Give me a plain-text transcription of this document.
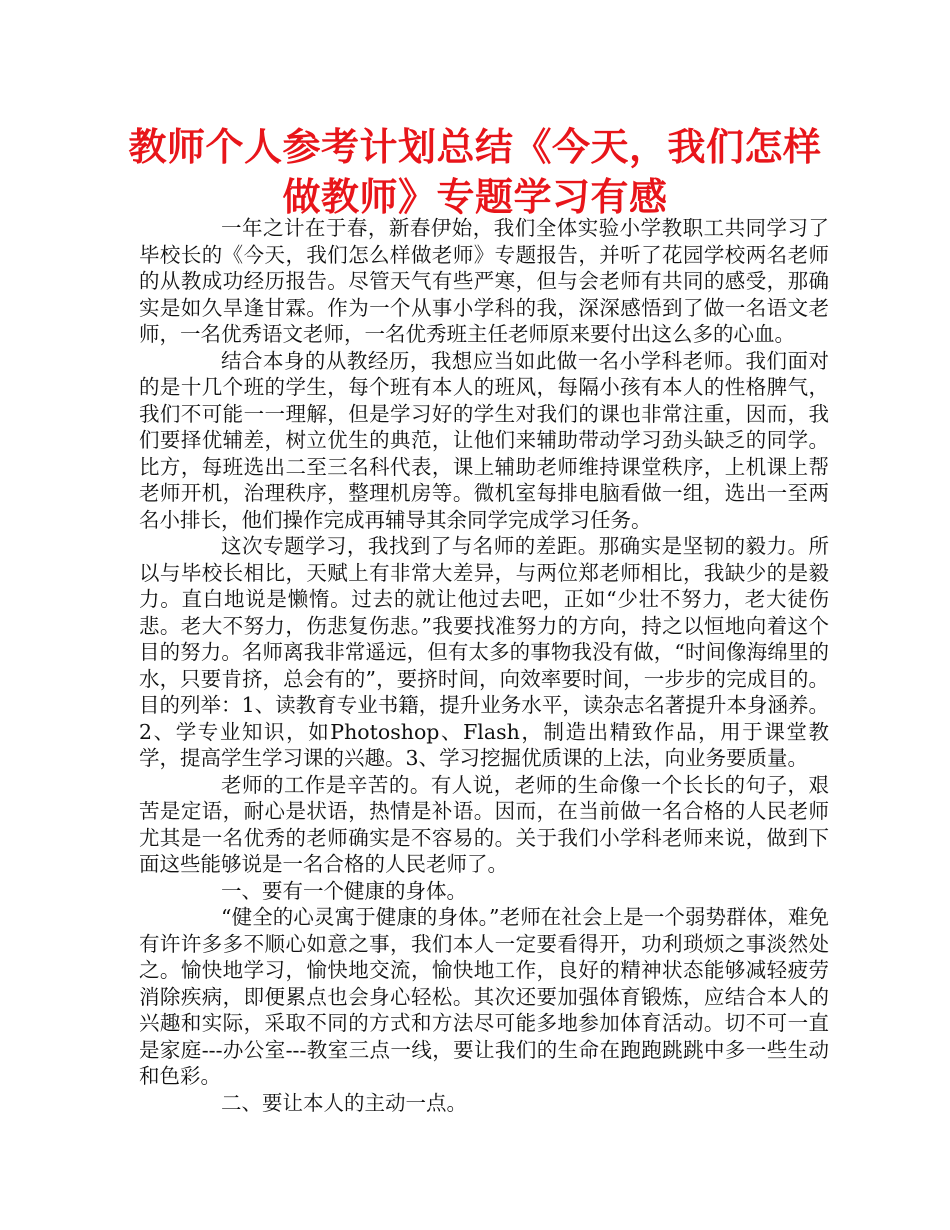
教师个人参考计划总结《今天，我们怎样做教师》专题学习有感

一年之计在于春，新春伊始，我们全体实验小学教职工共同学习了毕校长的《今天，我们怎么样做老师》专题报告，并听了花园学校两名老师的从教成功经历报告。尽管天气有些严寒，但与会老师有共同的感受，那确实是如久旱逢甘霖。作为一个从事小学科的我，深深感悟到了做一名语文老师，一名优秀语文老师，一名优秀班主任老师原来要付出这么多的心血。

结合本身的从教经历，我想应当如此做一名小学科老师。我们面对的是十几个班的学生，每个班有本人的班风，每隔小孩有本人的性格脾气，我们不可能一一理解，但是学习好的学生对我们的课也非常注重，因而，我们要择优辅差，树立优生的典范，让他们来辅助带动学习劲头缺乏的同学。比方，每班选出二至三名科代表，课上辅助老师维持课堂秩序，上机课上帮老师开机，治理秩序，整理机房等。微机室每排电脑看做一组，选出一至两名小排长，他们操作完成再辅导其余同学完成学习任务。

这次专题学习，我找到了与名师的差距。那确实是坚韧的毅力。所以与毕校长相比，天赋上有非常大差异，与两位郑老师相比，我缺少的是毅力。直白地说是懒惰。过去的就让他过去吧，正如“少壮不努力，老大徒伤悲。老大不努力，伤悲复伤悲。”我要找准努力的方向，持之以恒地向着这个目的努力。名师离我非常遥远，但有太多的事物我没有做，“时间像海绵里的水，只要肯挤，总会有的”，要挤时间，向效率要时间，一步步的完成目的。目的列举：1、读教育专业书籍，提升业务水平，读杂志名著提升本身涵养。2、学专业知识，如Photoshop、Flash，制造出精致作品，用于课堂教学，提高学生学习课的兴趣。3、学习挖掘优质课的上法，向业务要质量。

老师的工作是辛苦的。有人说，老师的生命像一个长长的句子，艰苦是定语，耐心是状语，热情是补语。因而，在当前做一名合格的人民老师尤其是一名优秀的老师确实是不容易的。关于我们小学科老师来说，做到下面这些能够说是一名合格的人民老师了。

一、要有一个健康的身体。

“健全的心灵寓于健康的身体。”老师在社会上是一个弱势群体，难免有许许多多不顺心如意之事，我们本人一定要看得开，功利琐烦之事淡然处之。愉快地学习，愉快地交流，愉快地工作，良好的精神状态能够减轻疲劳消除疾病，即便累点也会身心轻松。其次还要加强体育锻炼，应结合本人的兴趣和实际，采取不同的方式和方法尽可能多地参加体育活动。切不可一直是家庭---办公室---教室三点一线，要让我们的生命在跑跑跳跳中多一些生动和色彩。

二、要让本人的主动一点。
